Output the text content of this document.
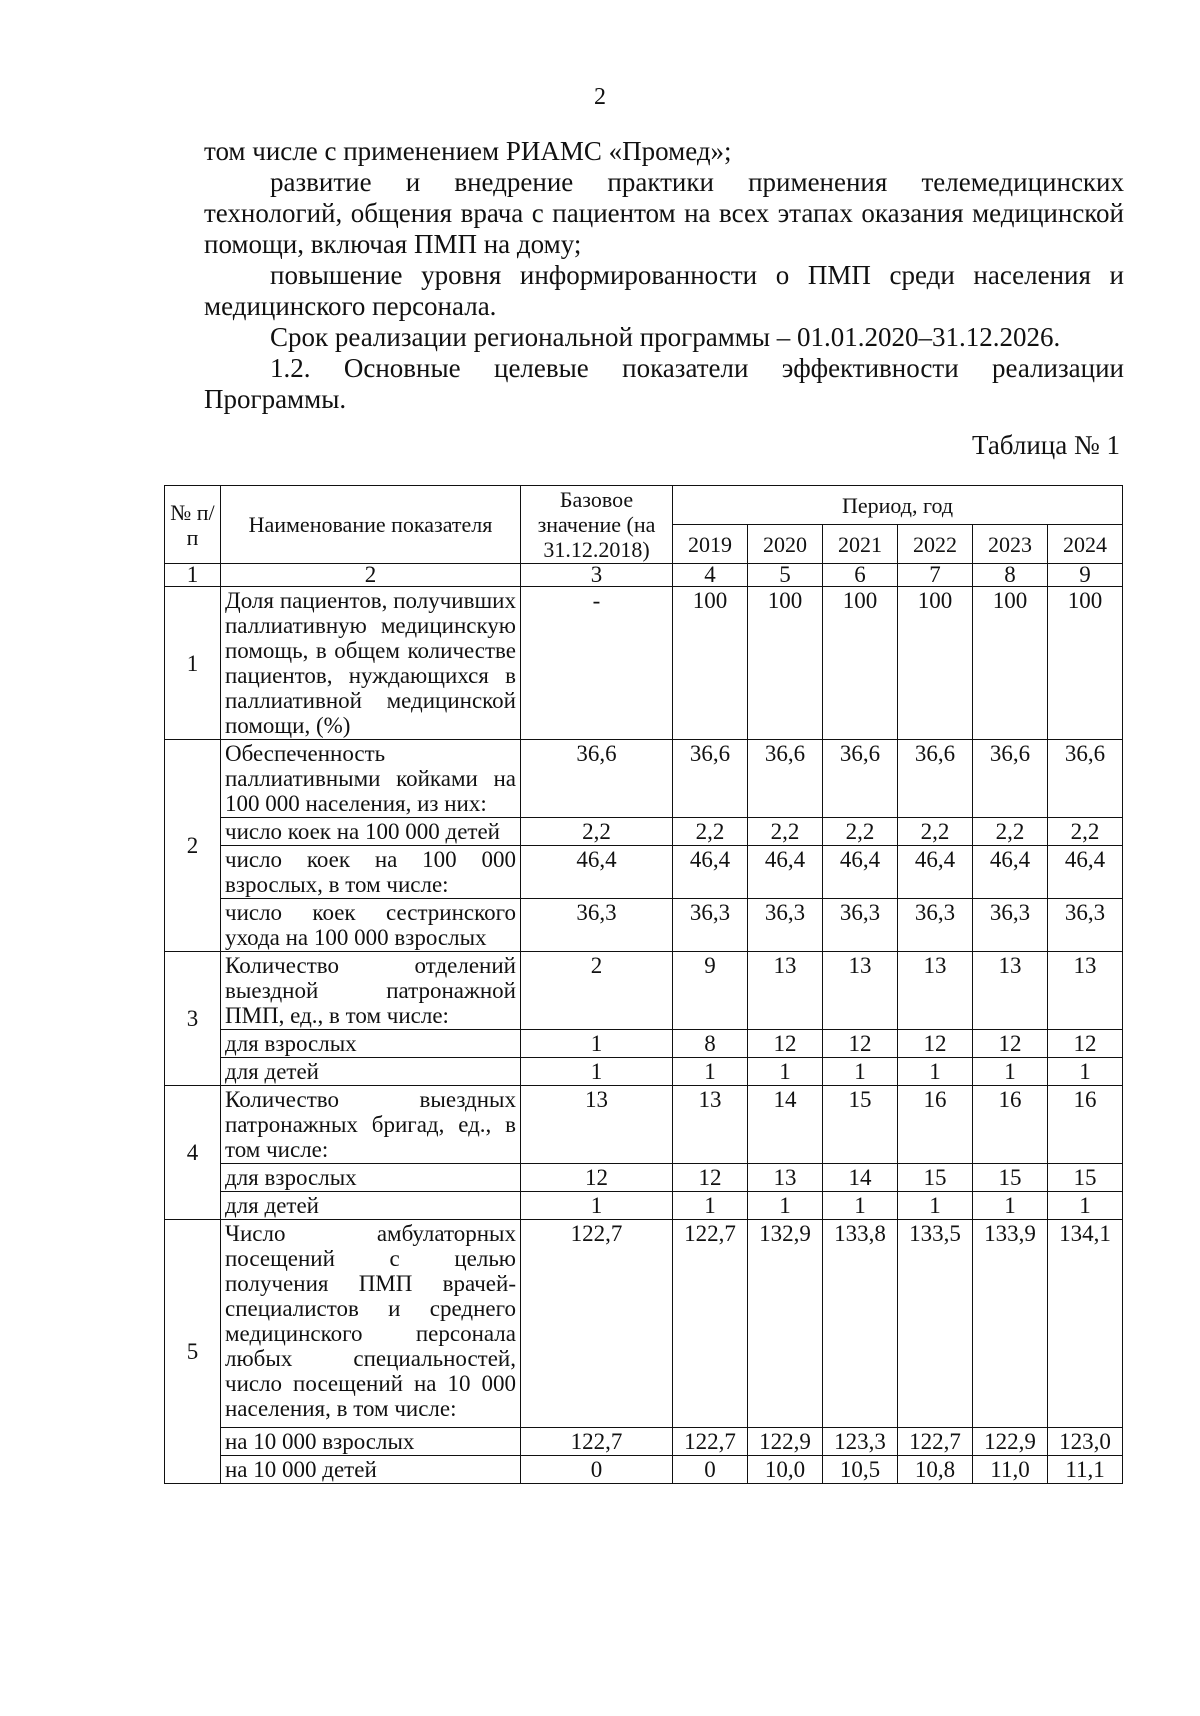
2

том числе с применением РИАМС «Промед»;

развитие и внедрение практики применения телемедицинских технологий, общения врача с пациентом на всех этапах оказания медицинской помощи, включая ПМП на дому;

повышение уровня информированности о ПМП среди населения и медицинского персонала.

Срок реализации региональной программы – 01.01.2020–31.12.2026.

1.2. Основные целевые показатели эффективности реализации Программы.

Таблица № 1
№ п/п	Наименование показателя	Базовое значение (на 31.12.2018)	Период, год					
			2019	2020	2021	2022	2023	2024
1	2	3	4	5	6	7	8	9
1	Доля пациентов, получивших паллиативную медицинскую помощь, в общем количестве пациентов, нуждающихся в паллиативной медицинской помощи, (%)	-	100	100	100	100	100	100
2	Обеспеченность паллиативными койками на 100 000 населения, из них:	36,6	36,6	36,6	36,6	36,6	36,6	36,6
	число коек на 100 000 детей	2,2	2,2	2,2	2,2	2,2	2,2	2,2
	число коек на 100 000 взрослых, в том числе:	46,4	46,4	46,4	46,4	46,4	46,4	46,4
	число коек сестринского ухода на 100 000 взрослых	36,3	36,3	36,3	36,3	36,3	36,3	36,3
3	Количество отделений выездной патронажной ПМП, ед., в том числе:	2	9	13	13	13	13	13
	для взрослых	1	8	12	12	12	12	12
	для детей	1	1	1	1	1	1	1
4	Количество выездных патронажных бригад, ед., в том числе:	13	13	14	15	16	16	16
	для взрослых	12	12	13	14	15	15	15
	для детей	1	1	1	1	1	1	1
5	Число амбулаторных посещений с целью получения ПМП врачей-специалистов и среднего медицинского персонала любых специальностей, число посещений на 10 000 населения, в том числе:	122,7	122,7	132,9	133,8	133,5	133,9	134,1
	на 10 000 взрослых	122,7	122,7	122,9	123,3	122,7	122,9	123,0
	на 10 000 детей	0	0	10,0	10,5	10,8	11,0	11,1
